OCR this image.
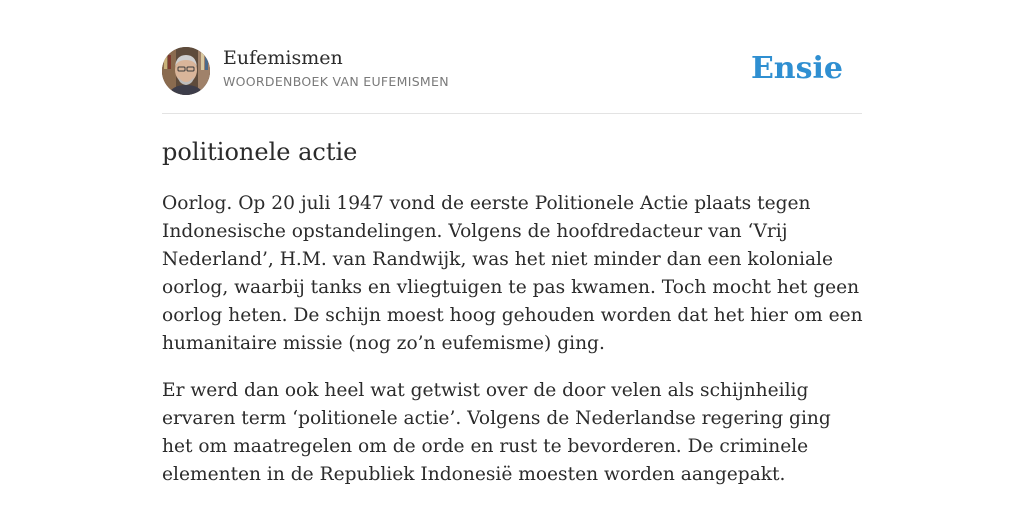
Eufemismen
WOORDENBOEK VAN EUFEMISMEN	Ensie
politionele actie

Oorlog. Op 20 juli 1947 vond de eerste Politionele Actie plaats tegen Indonesische opstandelingen. Volgens de hoofdredacteur van ‘Vrij Nederland’, H.M. van Randwijk, was het niet minder dan een koloniale oorlog, waarbij tanks en vliegtuigen te pas kwamen. Toch mocht het geen oorlog heten. De schijn moest hoog gehouden worden dat het hier om een humanitaire missie (nog zo’n eufemisme) ging.

Er werd dan ook heel wat getwist over de door velen als schijnheilig ervaren term ‘politionele actie’. Volgens de Nederlandse regering ging het om maatregelen om de orde en rust te bevorderen. De criminele elementen in de Republiek Indonesië moesten worden aangepakt.
